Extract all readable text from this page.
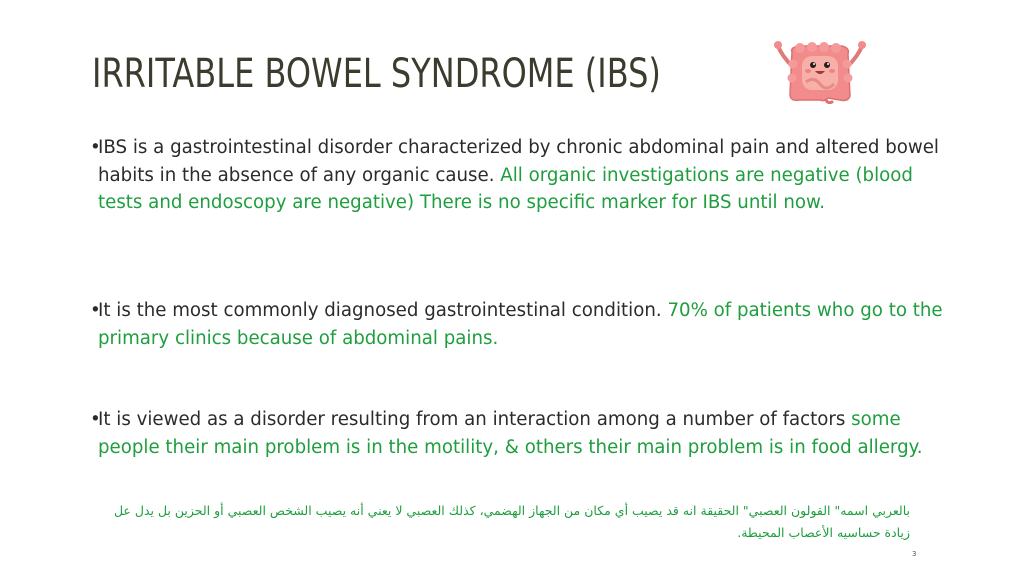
IRRITABLE BOWEL SYNDROME (IBS)
•
IBS is a gastrointestinal disorder characterized by chronic abdominal pain and altered bowel habits in the absence of any organic cause. All organic investigations are negative (blood tests and endoscopy are negative) There is no specific marker for IBS until now.
•
It is the most commonly diagnosed gastrointestinal condition. 70% of patients who go to the primary clinics because of abdominal pains.
•
It is viewed as a disorder resulting from an interaction among a number of factors some people their main problem is in the motility, & others their main problem is in food allergy.
بالعربي اسمه" القولون العصبي" الحقيقة انه قد يصيب أي مكان من الجهاز الهضمي، كذلك العصبي لا يعني أنه يصيب الشخص العصبي أو الحزين بل يدل عل زيادة حساسيه الأعصاب المحيطة.
3
